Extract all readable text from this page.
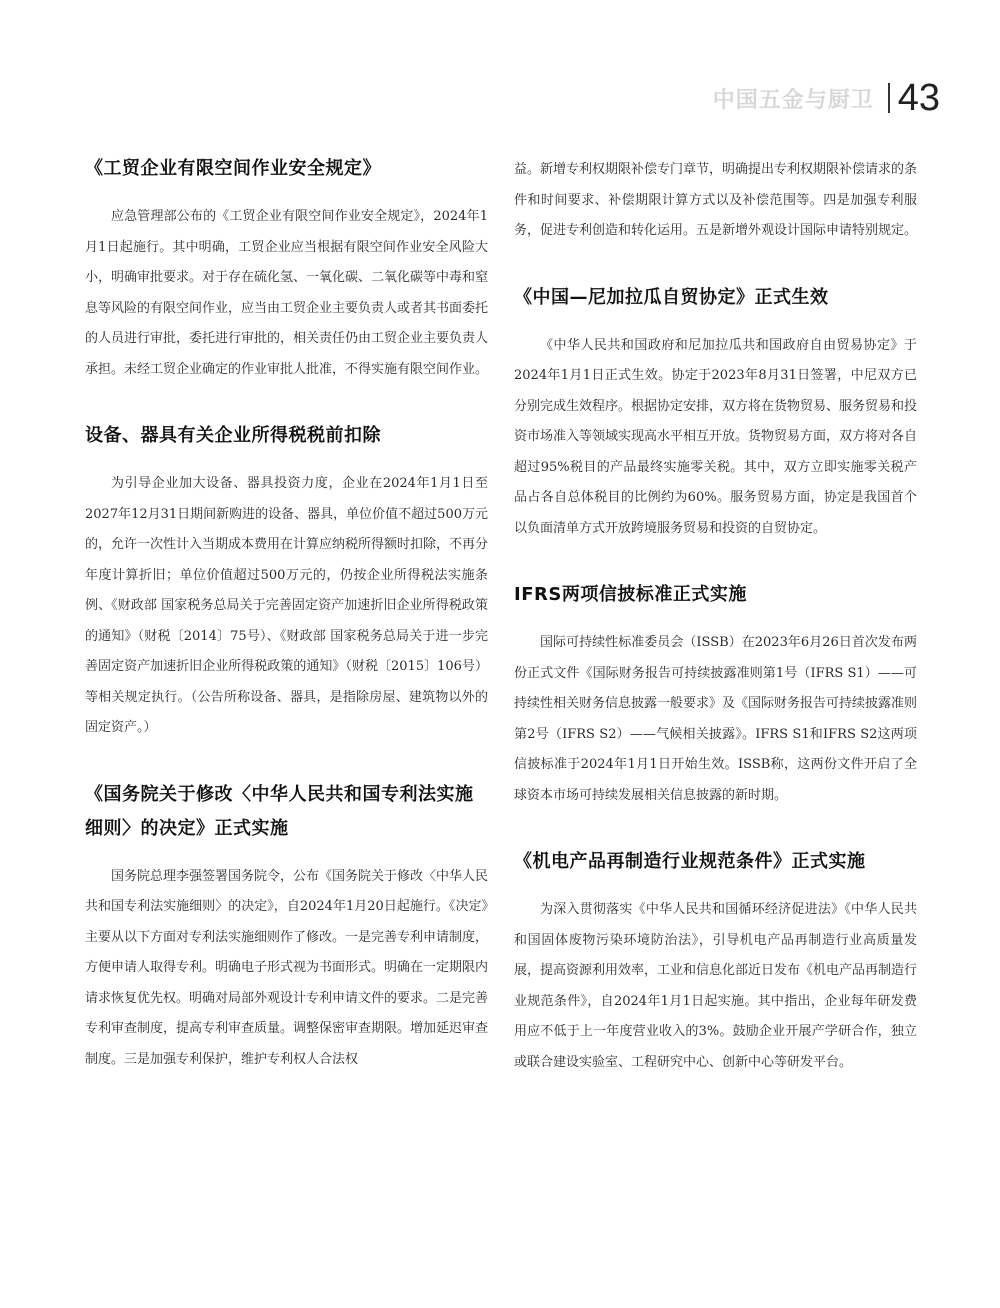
中国五金与厨卫 43
《工贸企业有限空间作业安全规定》

应急管理部公布的《工贸企业有限空间作业安全规定》，2024年1月1日起施行。其中明确，工贸企业应当根据有限空间作业安全风险大小，明确审批要求。对于存在硫化氢、一氧化碳、二氧化碳等中毒和窒息等风险的有限空间作业，应当由工贸企业主要负责人或者其书面委托的人员进行审批，委托进行审批的，相关责任仍由工贸企业主要负责人承担。未经工贸企业确定的作业审批人批准，不得实施有限空间作业。

设备、器具有关企业所得税税前扣除

为引导企业加大设备、器具投资力度，企业在2024年1月1日至2027年12月31日期间新购进的设备、器具，单位价值不超过500万元的，允许一次性计入当期成本费用在计算应纳税所得额时扣除，不再分年度计算折旧；单位价值超过500万元的，仍按企业所得税法实施条例、《财政部 国家税务总局关于完善固定资产加速折旧企业所得税政策的通知》（财税〔2014〕75号）、《财政部 国家税务总局关于进一步完善固定资产加速折旧企业所得税政策的通知》（财税〔2015〕106号）等相关规定执行。（公告所称设备、器具，是指除房屋、建筑物以外的固定资产。）

《国务院关于修改〈中华人民共和国专利法实施细则〉的决定》正式实施

国务院总理李强签署国务院令，公布《国务院关于修改〈中华人民共和国专利法实施细则〉的决定》，自2024年1月20日起施行。《决定》主要从以下方面对专利法实施细则作了修改。一是完善专利申请制度，方便申请人取得专利。明确电子形式视为书面形式。明确在一定期限内请求恢复优先权。明确对局部外观设计专利申请文件的要求。二是完善专利审查制度，提高专利审查质量。调整保密审查期限。增加延迟审查制度。三是加强专利保护，维护专利权人合法权

益。新增专利权期限补偿专门章节，明确提出专利权期限补偿请求的条件和时间要求、补偿期限计算方式以及补偿范围等。四是加强专利服务，促进专利创造和转化运用。五是新增外观设计国际申请特别规定。

《中国—尼加拉瓜自贸协定》正式生效

《中华人民共和国政府和尼加拉瓜共和国政府自由贸易协定》于2024年1月1日正式生效。协定于2023年8月31日签署，中尼双方已分别完成生效程序。根据协定安排，双方将在货物贸易、服务贸易和投资市场准入等领域实现高水平相互开放。货物贸易方面，双方将对各自超过95%税目的产品最终实施零关税。其中，双方立即实施零关税产品占各自总体税目的比例约为60%。服务贸易方面，协定是我国首个以负面清单方式开放跨境服务贸易和投资的自贸协定。

IFRS两项信披标准正式实施

国际可持续性标准委员会（ISSB）在2023年6月26日首次发布两份正式文件《国际财务报告可持续披露准则第1号（IFRS S1）——可持续性相关财务信息披露一般要求》及《国际财务报告可持续披露准则第2号（IFRS S2）——气候相关披露》。IFRS S1和IFRS S2这两项信披标准于2024年1月1日开始生效。ISSB称，这两份文件开启了全球资本市场可持续发展相关信息披露的新时期。

《机电产品再制造行业规范条件》正式实施

为深入贯彻落实《中华人民共和国循环经济促进法》《中华人民共和国固体废物污染环境防治法》，引导机电产品再制造行业高质量发展，提高资源利用效率，工业和信息化部近日发布《机电产品再制造行业规范条件》，自2024年1月1日起实施。其中指出，企业每年研发费用应不低于上一年度营业收入的3%。鼓励企业开展产学研合作，独立或联合建设实验室、工程研究中心、创新中心等研发平台。
